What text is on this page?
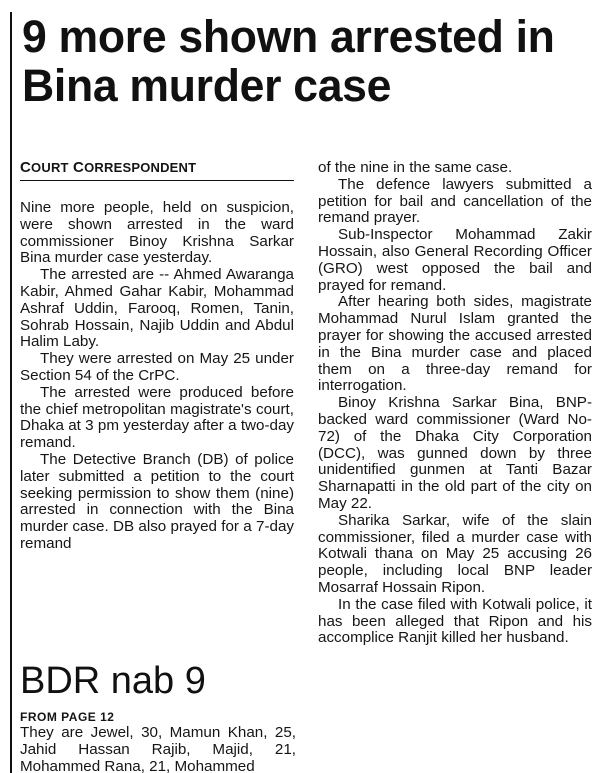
9 more shown arrested in Bina murder case
COURT CORRESPONDENT

Nine more people, held on suspicion, were shown arrested in the ward commissioner Binoy Krishna Sarkar Bina murder case yesterday.

The arrested are -- Ahmed Awaranga Kabir, Ahmed Gahar Kabir, Mohammad Ashraf Uddin, Farooq, Romen, Tanin, Sohrab Hossain, Najib Uddin and Abdul Halim Laby.

They were arrested on May 25 under Section 54 of the CrPC.

The arrested were produced before the chief metropolitan magistrate's court, Dhaka at 3 pm yesterday after a two-day remand.

The Detective Branch (DB) of police later submitted a petition to the court seeking permission to show them (nine) arrested in connection with the Bina murder case. DB also prayed for a 7-day remand

of the nine in the same case.

The defence lawyers submitted a petition for bail and cancellation of the remand prayer.

Sub-Inspector Mohammad Zakir Hossain, also General Recording Officer (GRO) west opposed the bail and prayed for remand.

After hearing both sides, magistrate Mohammad Nurul Islam granted the prayer for showing the accused arrested in the Bina murder case and placed them on a three-day remand for interrogation.

Binoy Krishna Sarkar Bina, BNP-backed ward commissioner (Ward No-72) of the Dhaka City Corporation (DCC), was gunned down by three unidentified gunmen at Tanti Bazar Sharnapatti in the old part of the city on May 22.

Sharika Sarkar, wife of the slain commissioner, filed a murder case with Kotwali thana on May 25 accusing 26 people, including local BNP leader Mosarraf Hossain Ripon.

In the case filed with Kotwali police, it has been alleged that Ripon and his accomplice Ranjit killed her husband.

BDR nab 9
FROM PAGE 12

They are Jewel, 30, Mamun Khan, 25, Jahid Hassan Rajib, Majid, 21, Mohammed Rana, 21, Mohammed
